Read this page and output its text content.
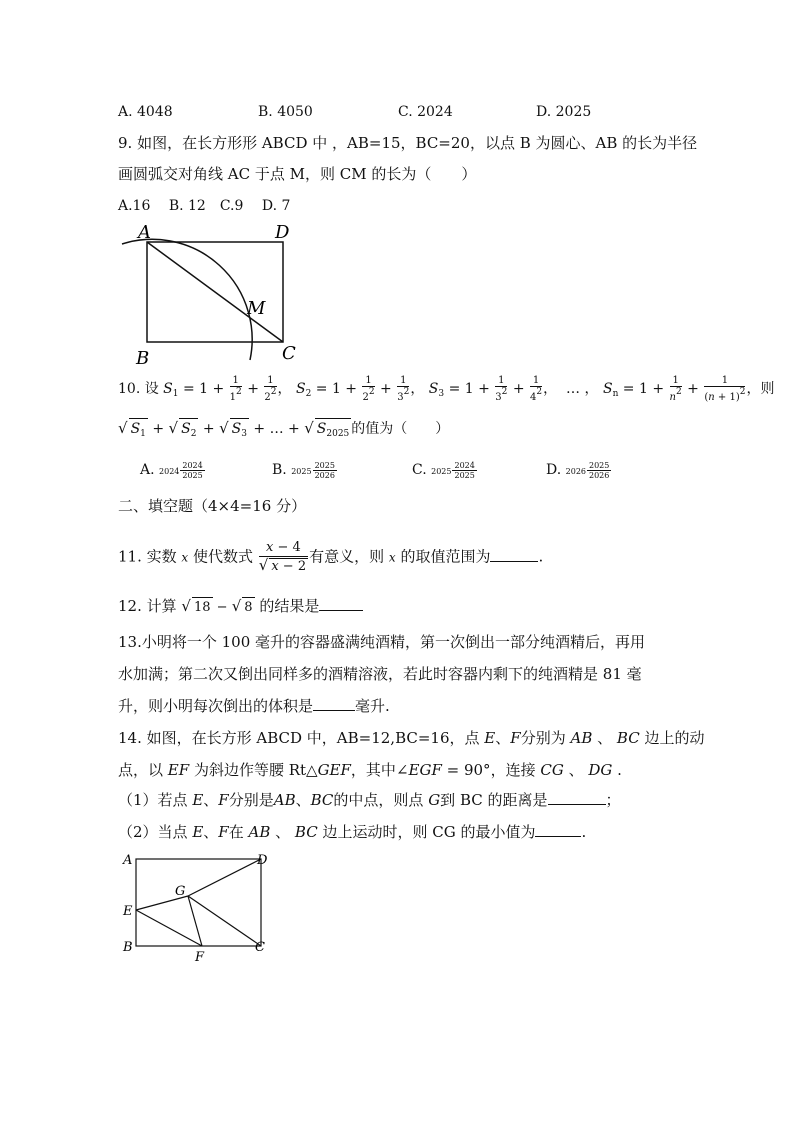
A. 4048	B. 4050	C. 2024	D. 2025
9. 如图，在长方形形 ABCD 中 ，AB=15，BC=20，以点 B 为圆心、AB 的长为半径
画圆弧交对角线 AC 于点 M，则 CM 的长为（　　）
A.16　 B. 12　C.9　 D. 7
A	D
M
B	C
10. 设 $S_1 = 1 + \frac{1}{12} + \frac{1}{22}$ ， $S_2 = 1 + \frac{1}{22} + \frac{1}{32}$ ， $S_3 = 1 + \frac{1}{32} + \frac{1}{42}$ ，  … ， $S_n = 1 + \frac{1}{n2} + \frac{1}{(n + 1)2}$ ，则
√ $S_1$ + √ $S_2$ + √ $S_3$ + … + √ $S_{2025}$ 的值为（　　）
A. $2024 \frac{2024}{2025}$	B. $2025 \frac{2025}{2026}$	C. $2025 \frac{2024}{2025}$	D. $2026 \frac{2025}{2026}$
二、填空题（4×4=16 分）
11. 实数 x 使代数式 $\frac{x - 4}{√ x - 2}$ 有意义，则 x 的取值范围为	.
12. 计算 √ 18 − √ 8 的结果是
13.小明将一个 100 毫升的容器盛满纯酒精，第一次倒出一部分纯酒精后，再用
水加满；第二次又倒出同样多的酒精溶液，若此时容器内剩下的纯酒精是 81 毫
升，则小明每次倒出的体积是	毫升.
14. 如图，在长方形 ABCD 中，AB=12,BC=16，点 E、F分别为 AB 、 BC 边上的动
点，以 EF 为斜边作等腰 Rt△GEF，其中∠EGF = 90°，连接 CG 、 DG .
（1）若点 E、F分别是AB、BC的中点，则点 G到 BC 的距离是	；
（2）当点 E、F在 AB 、 BC 边上运动时，则 CG 的最小值为	.
A	D
G
E
B
F
C
